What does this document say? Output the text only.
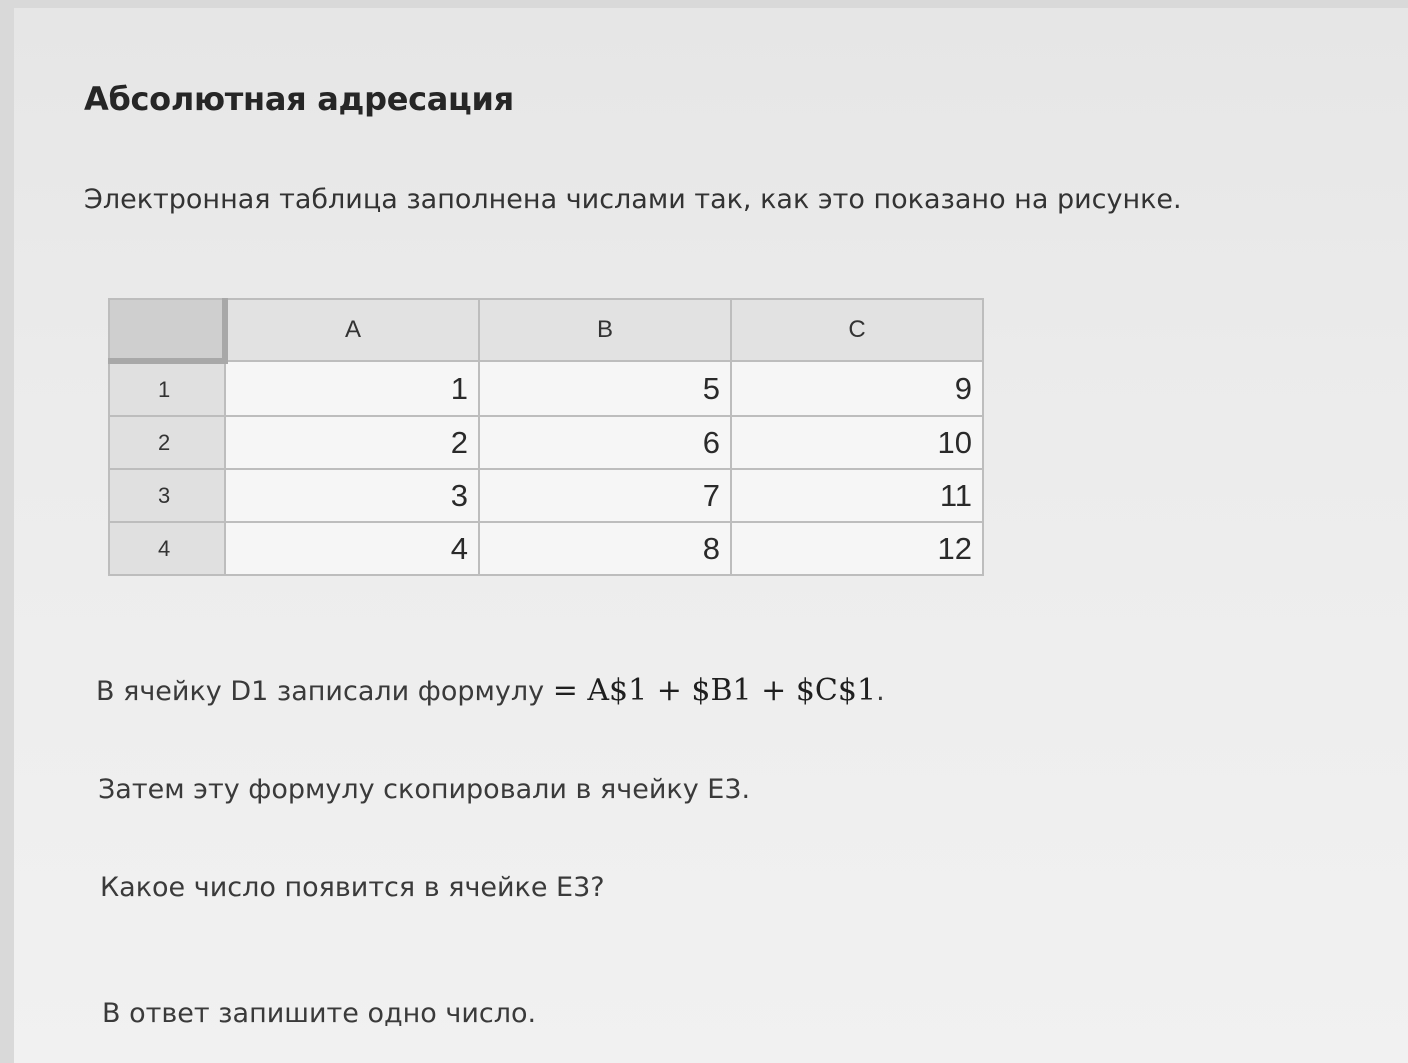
Абсолютная адресация
Электронная таблица заполнена числами так, как это показано на рисунке.
	A	B	C
1	1	5	9
2	2	6	10
3	3	7	11
4	4	8	12
В ячейку D1 записали формулу = A$1 + $B1 + $C$1.
Затем эту формулу скопировали в ячейку E3.
Какое число появится в ячейке E3?
В ответ запишите одно число.
